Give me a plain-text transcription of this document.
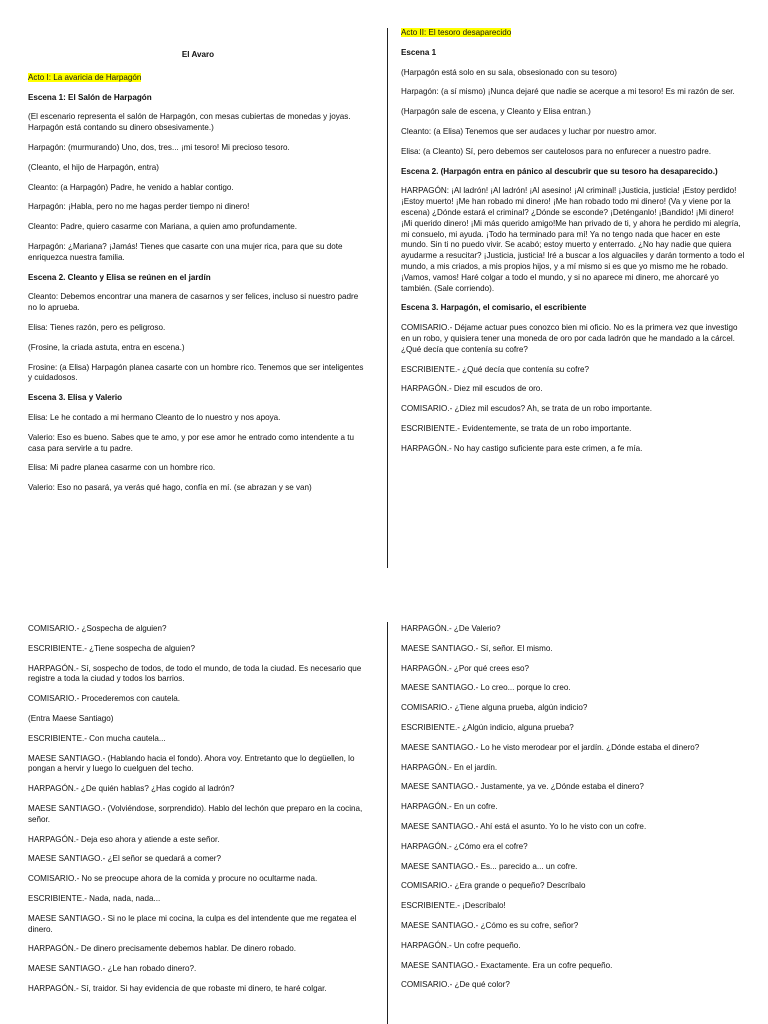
El Avaro

Acto I: La avaricia de Harpagón

Escena 1: El Salón de Harpagón

(El escenario representa el salón de Harpagón, con mesas cubiertas de monedas y joyas. Harpagón está contando su dinero obsesivamente.)

Harpagón: (murmurando) Uno, dos, tres... ¡mi tesoro! Mi precioso tesoro.

(Cleanto, el hijo de Harpagón, entra)

Cleanto: (a Harpagón) Padre, he venido a hablar contigo.

Harpagón: ¡Habla, pero no me hagas perder tiempo ni dinero!

Cleanto: Padre, quiero casarme con Mariana, a quien amo profundamente.

Harpagón: ¿Mariana? ¡Jamás! Tienes que casarte con una mujer rica, para que su dote enriquezca nuestra familia.

Escena 2. Cleanto y Elisa se reúnen en el jardín

Cleanto: Debemos encontrar una manera de casarnos y ser felices, incluso si nuestro padre no lo aprueba.

Elisa: Tienes razón, pero es peligroso.

(Frosine, la criada astuta, entra en escena.)

Frosine: (a Elisa) Harpagón planea casarte con un hombre rico. Tenemos que ser inteligentes y cuidadosos.

Escena 3. Elisa y Valerio

Elisa: Le he contado a mi hermano Cleanto de lo nuestro y nos apoya.

Valerio: Eso es bueno. Sabes que te amo, y por ese amor he entrado como intendente a tu casa para servirle a tu padre.

Elisa: Mi padre planea casarme con un hombre rico.

Valerio: Eso no pasará, ya verás qué hago, confía en mí. (se abrazan y se van)

Acto II: El tesoro desaparecido

Escena 1

(Harpagón está solo en su sala, obsesionado con su tesoro)

Harpagón: (a sí mismo) ¡Nunca dejaré que nadie se acerque a mi tesoro! Es mi razón de ser.

(Harpagón sale de escena, y Cleanto y Elisa entran.)

Cleanto: (a Elisa) Tenemos que ser audaces y luchar por nuestro amor.

Elisa: (a Cleanto) Sí, pero debemos ser cautelosos para no enfurecer a nuestro padre.

Escena 2. (Harpagón entra en pánico al descubrir que su tesoro ha desaparecido.)

HARPAGÓN: ¡Al ladrón! ¡Al ladrón! ¡Al asesino! ¡Al criminal! ¡Justicia, justicia! ¡Estoy perdido! ¡Estoy muerto! ¡Me han robado mi dinero! ¡Me han robado todo mi dinero! (Va y viene por la escena) ¿Dónde estará el criminal? ¿Dónde se esconde? ¡Deténganlo! ¡Bandido! ¡Mi dinero! ¡Mi querido dinero! ¡Mi más querido amigo!Me han privado de ti, y ahora he perdido mi alegría, mi consuelo, mi ayuda. ¡Todo ha terminado para mí! Ya no tengo nada que hacer en este mundo. Sin ti no puedo vivir. Se acabó; estoy muerto y enterrado. ¿No hay nadie que quiera ayudarme a resucitar? ¡Justicia, justicia! Iré a buscar a los alguaciles y darán tormento a todo el mundo, a mis criados, a mis propios hijos, y a mí mismo si es que yo mismo me he robado. ¡Vamos, vamos! Haré colgar a todo el mundo, y si no aparece mi dinero, me ahorcaré yo también. (Sale corriendo).

Escena 3. Harpagón, el comisario, el escribiente

COMISARIO.- Déjame actuar pues conozco bien mi oficio. No es la primera vez que investigo en un robo, y quisiera tener una moneda de oro por cada ladrón que he mandado a la cárcel. ¿Qué decía que contenía su cofre?

ESCRIBIENTE.- ¿Qué decía que contenía su cofre?

HARPAGÓN.- Diez mil escudos de oro.

COMISARIO.- ¿Diez mil escudos? Ah, se trata de un robo importante.

ESCRIBIENTE.- Evidentemente, se trata de un robo importante.

HARPAGÓN.- No hay castigo suficiente para este crimen, a fe mía.

COMISARIO.- ¿Sospecha de alguien?

ESCRIBIENTE.- ¿Tiene sospecha de alguien?

HARPAGÓN.- Sí, sospecho de todos, de todo el mundo, de toda la ciudad. Es necesario que registre a toda la ciudad y todos los barrios.

COMISARIO.- Procederemos con cautela.

(Entra Maese Santiago)

ESCRIBIENTE.- Con mucha cautela...

MAESE SANTIAGO.- (Hablando hacia el fondo). Ahora voy. Entretanto que lo degüellen, lo pongan a hervir y luego lo cuelguen del techo.

HARPAGÓN.- ¿De quién hablas? ¿Has cogido al ladrón?

MAESE SANTIAGO.- (Volviéndose, sorprendido). Hablo del lechón que preparo en la cocina, señor.

HARPAGÓN.- Deja eso ahora y atiende a este señor.

MAESE SANTIAGO.- ¿El señor se quedará a comer?

COMISARIO.- No se preocupe ahora de la comida y procure no ocultarme nada.

ESCRIBIENTE.- Nada, nada, nada...

MAESE SANTIAGO.- Si no le place mi cocina, la culpa es del intendente que me regatea el dinero.

HARPAGÓN.- De dinero precisamente debemos hablar. De dinero robado.

MAESE SANTIAGO.- ¿Le han robado dinero?.

HARPAGÓN.- Sí, traidor. Si hay evidencia de que robaste mi dinero, te haré colgar.

HARPAGÓN.- ¿De Valerio?

MAESE SANTIAGO.- Sí, señor. El mismo.

HARPAGÓN.- ¿Por qué crees eso?

MAESE SANTIAGO.- Lo creo... porque lo creo.

COMISARIO.- ¿Tiene alguna prueba, algún indicio?

ESCRIBIENTE.- ¿Algún indicio, alguna prueba?

MAESE SANTIAGO.- Lo he visto merodear por el jardín. ¿Dónde estaba el dinero?

HARPAGÓN.- En el jardín.

MAESE SANTIAGO.- Justamente, ya ve. ¿Dónde estaba el dinero?

HARPAGÓN.- En un cofre.

MAESE SANTIAGO.- Ahí está el asunto. Yo lo he visto con un cofre.

HARPAGÓN.- ¿Cómo era el cofre?

MAESE SANTIAGO.- Es... parecido a... un cofre.

COMISARIO.- ¿Era grande o pequeño? Descríbalo

ESCRIBIENTE.- ¡Descríbalo!

MAESE SANTIAGO.- ¿Cómo es su cofre, señor?

HARPAGÓN.- Un cofre pequeño.

MAESE SANTIAGO.- Exactamente. Era un cofre pequeño.

COMISARIO.- ¿De qué color?
